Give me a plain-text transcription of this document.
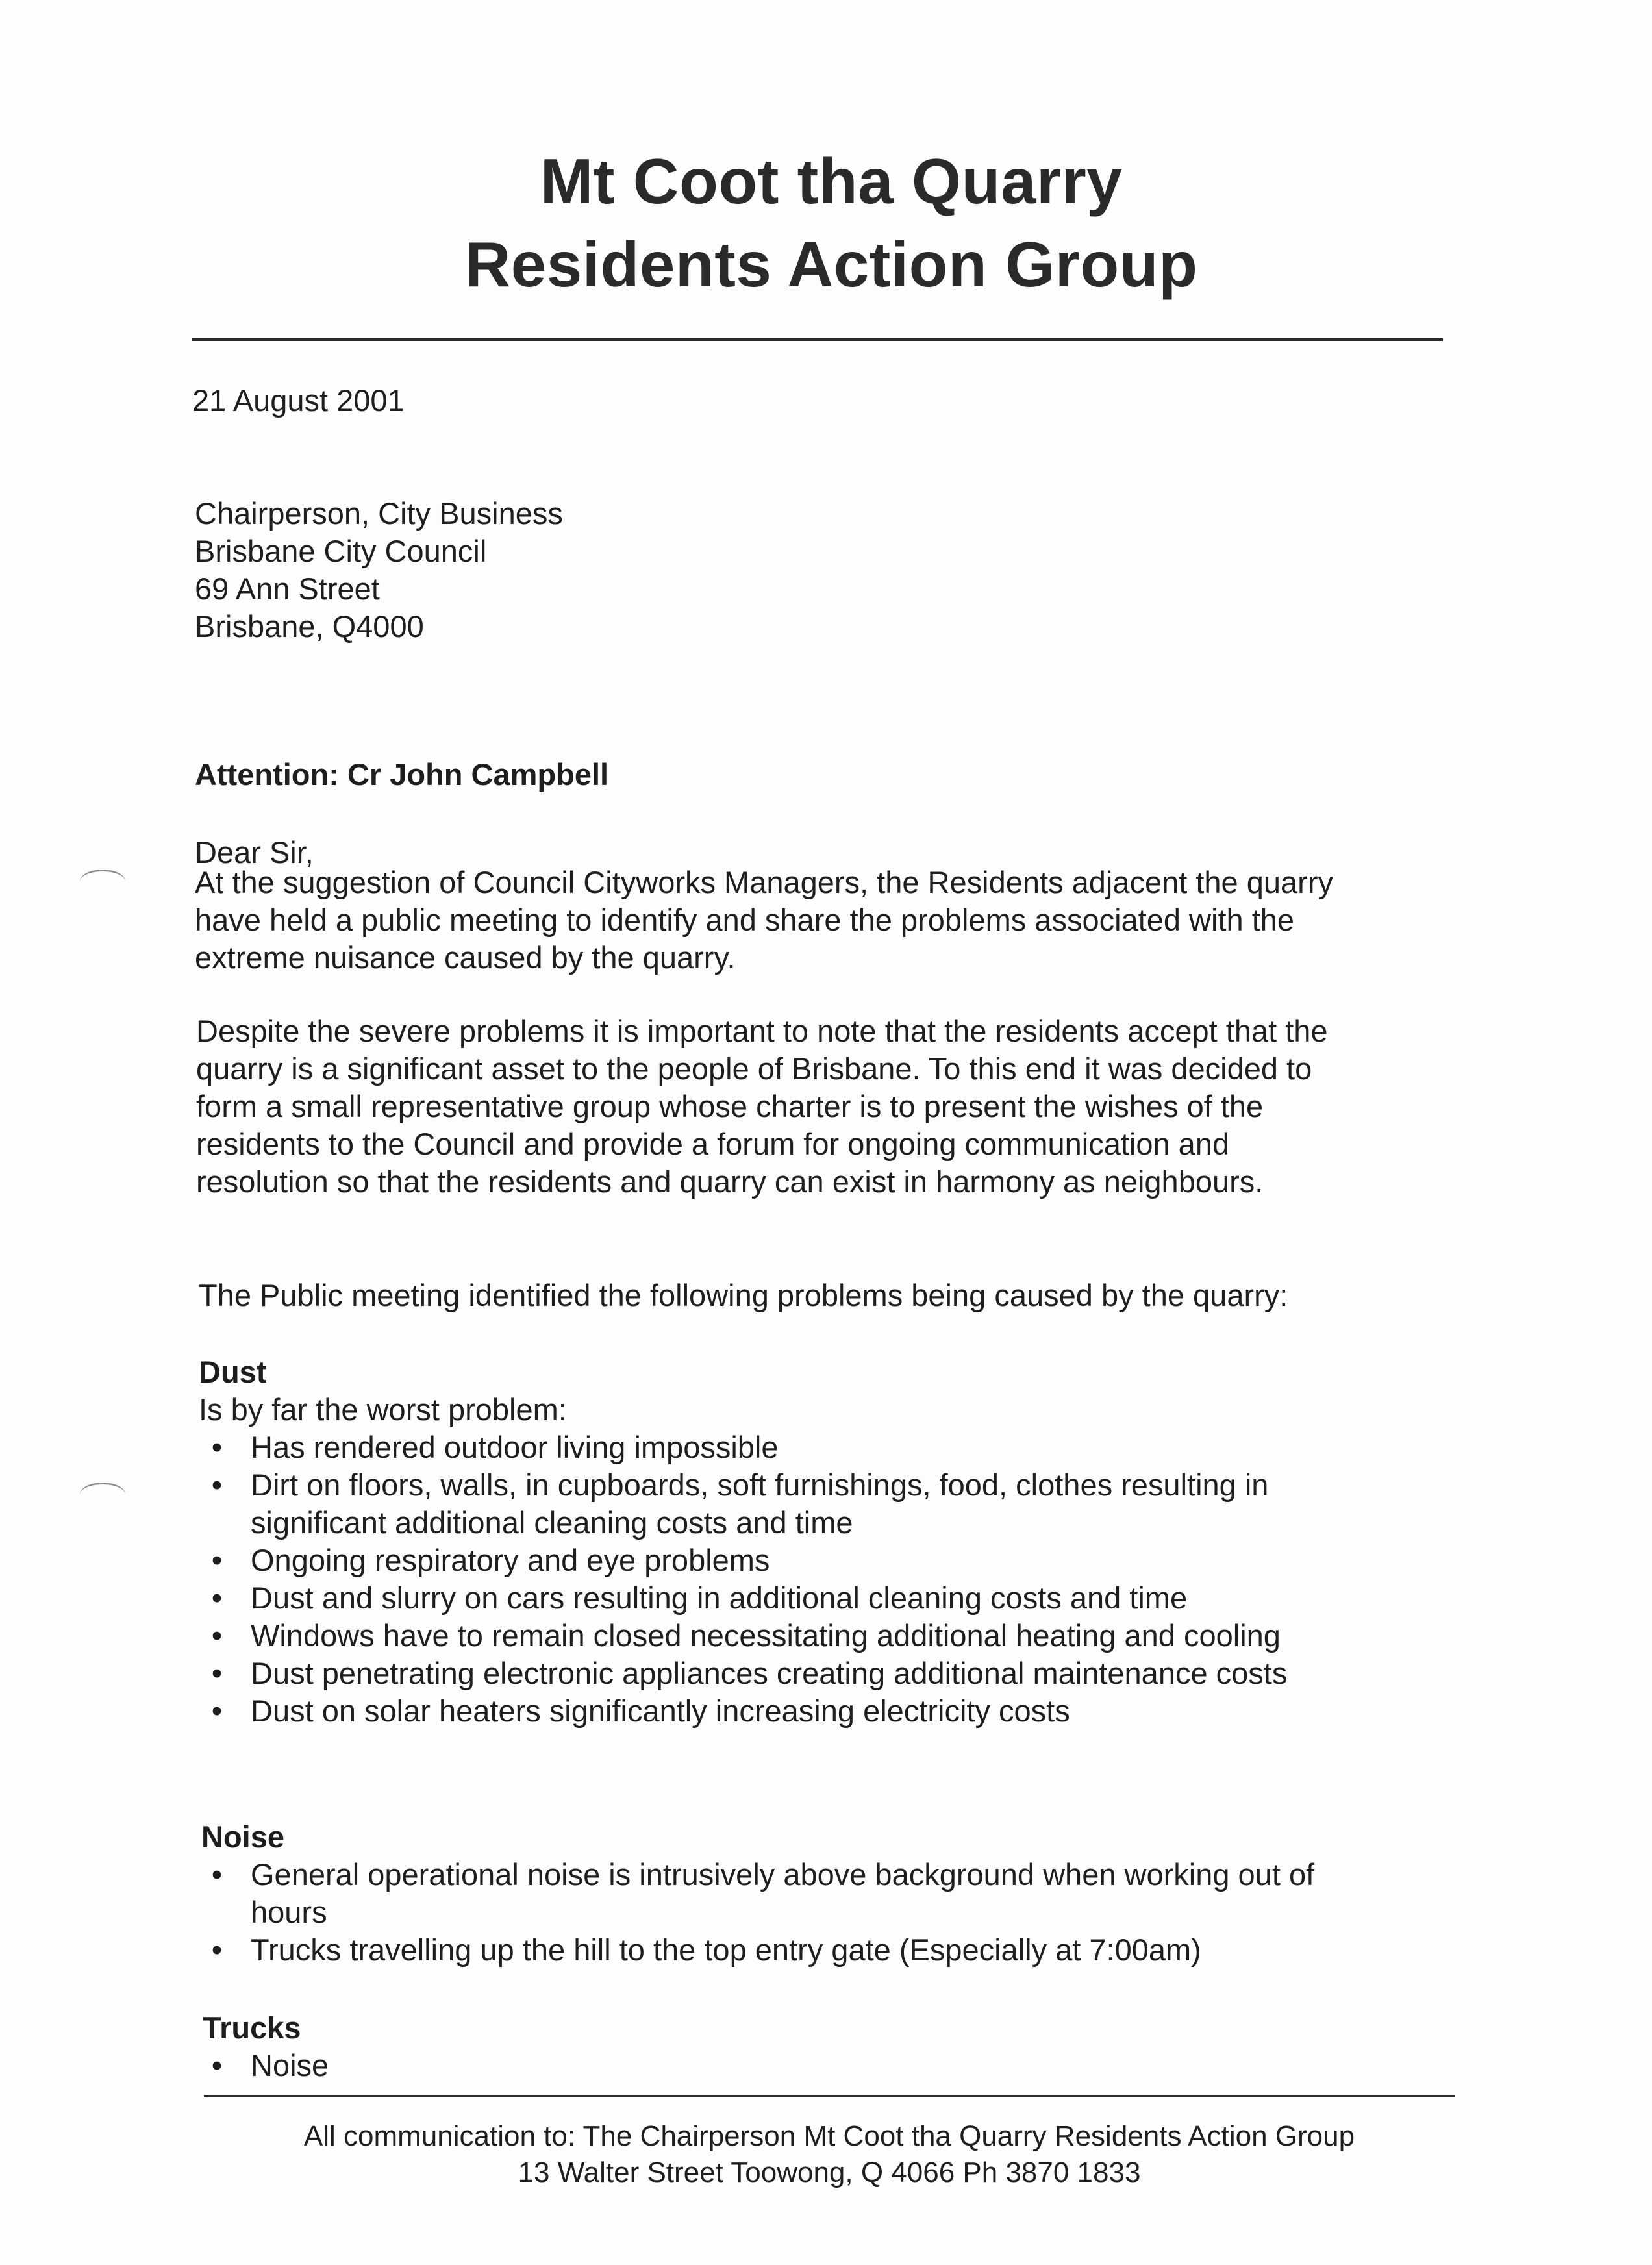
Mt Coot tha Quarry
Residents Action Group
21 August 2001
Chairperson, City Business
Brisbane City Council
69 Ann Street
Brisbane, Q4000
Attention: Cr John Campbell
Dear Sir,
At the suggestion of Council Cityworks Managers, the Residents adjacent the quarry
have held a public meeting to identify and share the problems associated with the
extreme nuisance caused by the quarry.
Despite the severe problems it is important to note that the residents accept that the
quarry is a significant asset to the people of Brisbane. To this end it was decided to
form a small representative group whose charter is to present the wishes of the
residents to the Council and provide a forum for ongoing communication and
resolution so that the residents and quarry can exist in harmony as neighbours.
The Public meeting identified the following problems being caused by the quarry:
Dust
Is by far the worst problem:
• Has rendered outdoor living impossible
• Dirt on floors, walls, in cupboards, soft furnishings, food, clothes resulting in
significant additional cleaning costs and time
• Ongoing respiratory and eye problems
• Dust and slurry on cars resulting in additional cleaning costs and time
• Windows have to remain closed necessitating additional heating and cooling
• Dust penetrating electronic appliances creating additional maintenance costs
• Dust on solar heaters significantly increasing electricity costs
Noise
• General operational noise is intrusively above background when working out of
hours
• Trucks travelling up the hill to the top entry gate (Especially at 7:00am)
Trucks
• Noise
All communication to: The Chairperson Mt Coot tha Quarry Residents Action Group
13 Walter Street Toowong, Q 4066 Ph 3870 1833
